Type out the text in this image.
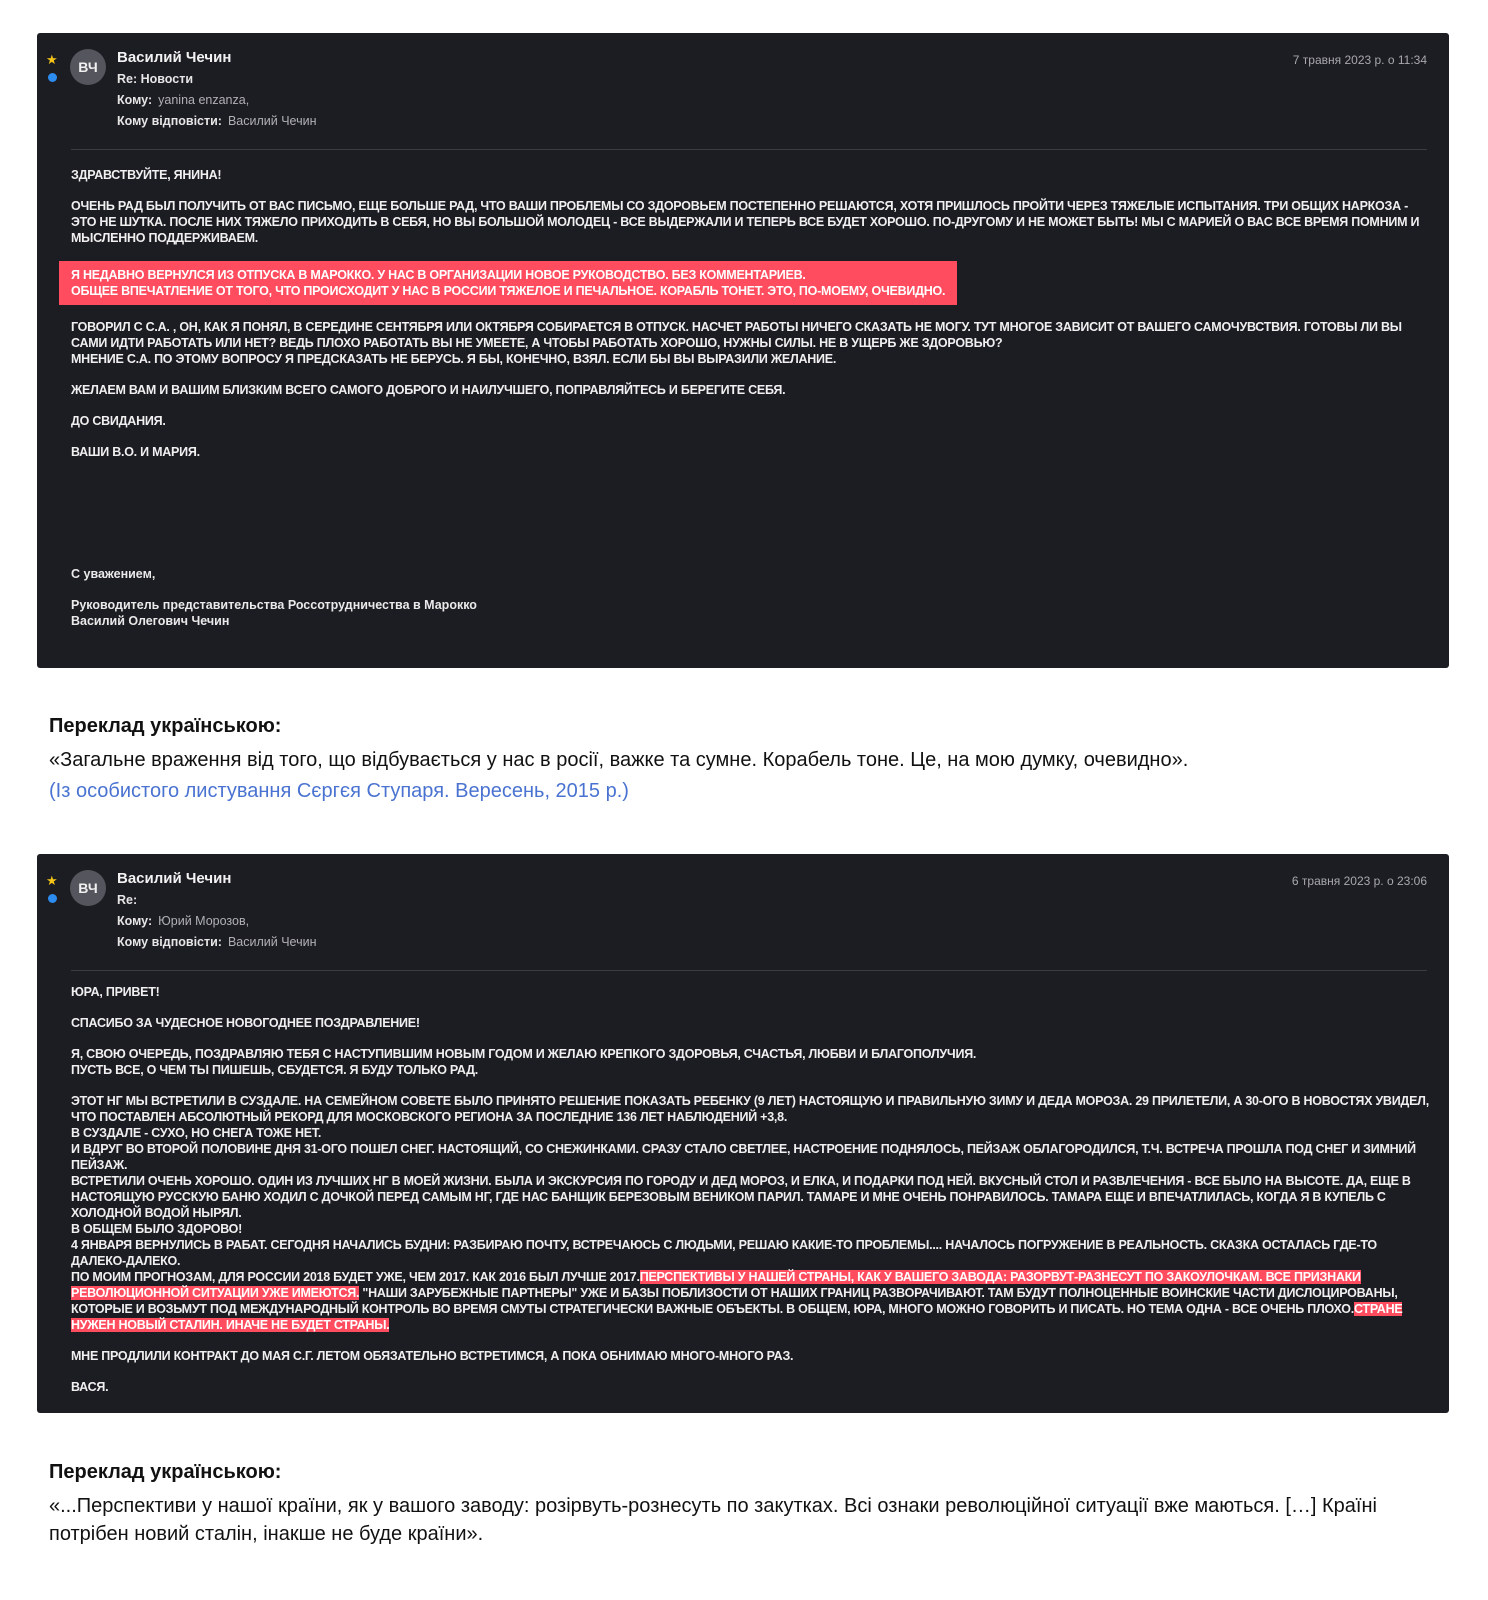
★	ВЧ
Василий Чечин
Re: Новости
Кому: yanina enzanza,
Кому відповісти: Василий Чечин
7 травня 2023 р. о 11:34

ЗДРАВСТВУЙТЕ, ЯНИНА!

ОЧЕНЬ РАД БЫЛ ПОЛУЧИТЬ ОТ ВАС ПИСЬМО, ЕЩЕ БОЛЬШЕ РАД, ЧТО ВАШИ ПРОБЛЕМЫ СО ЗДОРОВЬЕМ ПОСТЕПЕННО РЕШАЮТСЯ, ХОТЯ ПРИШЛОСЬ ПРОЙТИ ЧЕРЕЗ ТЯЖЕЛЫЕ ИСПЫТАНИЯ. ТРИ ОБЩИХ НАРКОЗА - ЭТО НЕ ШУТКА. ПОСЛЕ НИХ ТЯЖЕЛО ПРИХОДИТЬ В СЕБЯ, НО ВЫ БОЛЬШОЙ МОЛОДЕЦ - ВСЕ ВЫДЕРЖАЛИ И ТЕПЕРЬ ВСЕ БУДЕТ ХОРОШО. ПО-ДРУГОМУ И НЕ МОЖЕТ БЫТЬ! МЫ С МАРИЕЙ О ВАС ВСЕ ВРЕМЯ ПОМНИМ И МЫСЛЕННО ПОДДЕРЖИВАЕМ.

Я НЕДАВНО ВЕРНУЛСЯ ИЗ ОТПУСКА В МАРОККО. У НАС В ОРГАНИЗАЦИИ НОВОЕ РУКОВОДСТВО. БЕЗ КОММЕНТАРИЕВ.
ОБЩЕЕ ВПЕЧАТЛЕНИЕ ОТ ТОГО, ЧТО ПРОИСХОДИТ У НАС В РОССИИ ТЯЖЕЛОЕ И ПЕЧАЛЬНОЕ. КОРАБЛЬ ТОНЕТ. ЭТО, ПО-МОЕМУ, ОЧЕВИДНО.

ГОВОРИЛ С С.А. , ОН, КАК Я ПОНЯЛ, В СЕРЕДИНЕ СЕНТЯБРЯ ИЛИ ОКТЯБРЯ СОБИРАЕТСЯ В ОТПУСК. НАСЧЕТ РАБОТЫ НИЧЕГО СКАЗАТЬ НЕ МОГУ. ТУТ МНОГОЕ ЗАВИСИТ ОТ ВАШЕГО САМОЧУВСТВИЯ. ГОТОВЫ ЛИ ВЫ САМИ ИДТИ РАБОТАТЬ ИЛИ НЕТ? ВЕДЬ ПЛОХО РАБОТАТЬ ВЫ НЕ УМЕЕТЕ, А ЧТОБЫ РАБОТАТЬ ХОРОШО, НУЖНЫ СИЛЫ. НЕ В УЩЕРБ ЖЕ ЗДОРОВЬЮ?
МНЕНИЕ С.А. ПО ЭТОМУ ВОПРОСУ Я ПРЕДСКАЗАТЬ НЕ БЕРУСЬ. Я БЫ, КОНЕЧНО, ВЗЯЛ. ЕСЛИ БЫ ВЫ ВЫРАЗИЛИ ЖЕЛАНИЕ.

ЖЕЛАЕМ ВАМ И ВАШИМ БЛИЗКИМ ВСЕГО САМОГО ДОБРОГО И НАИЛУЧШЕГО, ПОПРАВЛЯЙТЕСЬ И БЕРЕГИТЕ СЕБЯ.

ДО СВИДАНИЯ.

ВАШИ В.О. И МАРИЯ.

С уважением,

Руководитель представительства Россотрудничества в Марокко
Василий Олегович Чечин

Переклад українською:
«Загальне враження від того, що відбувається у нас в росії, важке та сумне. Корабель тоне. Це, на мою думку, очевидно».
(Із особистого листування Сєргєя Ступаря. Вересень, 2015 р.)
★	ВЧ
Василий Чечин
Re:
Кому: Юрий Морозов,
Кому відповісти: Василий Чечин
6 травня 2023 р. о 23:06

ЮРА, ПРИВЕТ!

СПАСИБО ЗА ЧУДЕСНОЕ НОВОГОДНЕЕ ПОЗДРАВЛЕНИЕ!

Я, СВОЮ ОЧЕРЕДЬ, ПОЗДРАВЛЯЮ ТЕБЯ С НАСТУПИВШИМ НОВЫМ ГОДОМ И ЖЕЛАЮ КРЕПКОГО ЗДОРОВЬЯ, СЧАСТЬЯ, ЛЮБВИ И БЛАГОПОЛУЧИЯ.
ПУСТЬ ВСЕ, О ЧЕМ ТЫ ПИШЕШЬ, СБУДЕТСЯ. Я БУДУ ТОЛЬКО РАД.

ЭТОТ НГ МЫ ВСТРЕТИЛИ В СУЗДАЛЕ. НА СЕМЕЙНОМ СОВЕТЕ БЫЛО ПРИНЯТО РЕШЕНИЕ ПОКАЗАТЬ РЕБЕНКУ (9 ЛЕТ) НАСТОЯЩУЮ И ПРАВИЛЬНУЮ ЗИМУ И ДЕДА МОРОЗА. 29 ПРИЛЕТЕЛИ, А 30-ОГО В НОВОСТЯХ УВИДЕЛ, ЧТО ПОСТАВЛЕН АБСОЛЮТНЫЙ РЕКОРД ДЛЯ МОСКОВСКОГО РЕГИОНА ЗА ПОСЛЕДНИЕ 136 ЛЕТ НАБЛЮДЕНИЙ +3,8.
В СУЗДАЛЕ - СУХО, НО СНЕГА ТОЖЕ НЕТ.
И ВДРУГ ВО ВТОРОЙ ПОЛОВИНЕ ДНЯ 31-ОГО ПОШЕЛ СНЕГ. НАСТОЯЩИЙ, СО СНЕЖИНКАМИ. СРАЗУ СТАЛО СВЕТЛЕЕ, НАСТРОЕНИЕ ПОДНЯЛОСЬ, ПЕЙЗАЖ ОБЛАГОРОДИЛСЯ, Т.Ч. ВСТРЕЧА ПРОШЛА ПОД СНЕГ И ЗИМНИЙ ПЕЙЗАЖ.
ВСТРЕТИЛИ ОЧЕНЬ ХОРОШО. ОДИН ИЗ ЛУЧШИХ НГ В МОЕЙ ЖИЗНИ. БЫЛА И ЭКСКУРСИЯ ПО ГОРОДУ И ДЕД МОРОЗ, И ЕЛКА, И ПОДАРКИ ПОД НЕЙ. ВКУСНЫЙ СТОЛ И РАЗВЛЕЧЕНИЯ - ВСЕ БЫЛО НА ВЫСОТЕ. ДА, ЕЩЕ В НАСТОЯЩУЮ РУССКУЮ БАНЮ ХОДИЛ С ДОЧКОЙ ПЕРЕД САМЫМ НГ, ГДЕ НАС БАНЩИК БЕРЕЗОВЫМ ВЕНИКОМ ПАРИЛ. ТАМАРЕ И МНЕ ОЧЕНЬ ПОНРАВИЛОСЬ. ТАМАРА ЕЩЕ И ВПЕЧАТЛИЛАСЬ, КОГДА Я В КУПЕЛЬ С ХОЛОДНОЙ ВОДОЙ НЫРЯЛ.
В ОБЩЕМ БЫЛО ЗДОРОВО!
4 ЯНВАРЯ ВЕРНУЛИСЬ В РАБАТ. СЕГОДНЯ НАЧАЛИСЬ БУДНИ: РАЗБИРАЮ ПОЧТУ, ВСТРЕЧАЮСЬ С ЛЮДЬМИ, РЕШАЮ КАКИЕ-ТО ПРОБЛЕМЫ.... НАЧАЛОСЬ ПОГРУЖЕНИЕ В РЕАЛЬНОСТЬ. СКАЗКА ОСТАЛАСЬ ГДЕ-ТО ДАЛЕКО-ДАЛЕКО.

ПО МОИМ ПРОГНОЗАМ, ДЛЯ РОССИИ 2018 БУДЕТ УЖЕ, ЧЕМ 2017. КАК 2016 БЫЛ ЛУЧШЕ 2017.ПЕРСПЕКТИВЫ У НАШЕЙ СТРАНЫ, КАК У ВАШЕГО ЗАВОДА: РАЗОРВУТ-РАЗНЕСУТ ПО ЗАКОУЛОЧКАМ. ВСЕ ПРИЗНАКИ РЕВОЛЮЦИОННОЙ СИТУАЦИИ УЖЕ ИМЕЮТСЯ. "НАШИ ЗАРУБЕЖНЫЕ ПАРТНЕРЫ" УЖЕ И БАЗЫ ПОБЛИЗОСТИ ОТ НАШИХ ГРАНИЦ РАЗВОРАЧИВАЮТ. ТАМ БУДУТ ПОЛНОЦЕННЫЕ ВОИНСКИЕ ЧАСТИ ДИСЛОЦИРОВАНЫ, КОТОРЫЕ И ВОЗЬМУТ ПОД МЕЖДУНАРОДНЫЙ КОНТРОЛЬ ВО ВРЕМЯ СМУТЫ СТРАТЕГИЧЕСКИ ВАЖНЫЕ ОБЪЕКТЫ. В ОБЩЕМ, ЮРА, МНОГО МОЖНО ГОВОРИТЬ И ПИСАТЬ. НО ТЕМА ОДНА - ВСЕ ОЧЕНЬ ПЛОХО.СТРАНЕ НУЖЕН НОВЫЙ СТАЛИН. ИНАЧЕ НЕ БУДЕТ СТРАНЫ.

МНЕ ПРОДЛИЛИ КОНТРАКТ ДО МАЯ С.Г. ЛЕТОМ ОБЯЗАТЕЛЬНО ВСТРЕТИМСЯ, А ПОКА ОБНИМАЮ МНОГО-МНОГО РАЗ.

ВАСЯ.

Переклад українською:
«...Перспективи у нашої країни, як у вашого заводу: розірвуть-рознесуть по закутках. Всі ознаки революційної ситуації вже маються. […] Країні потрібен новий сталін, інакше не буде країни».
